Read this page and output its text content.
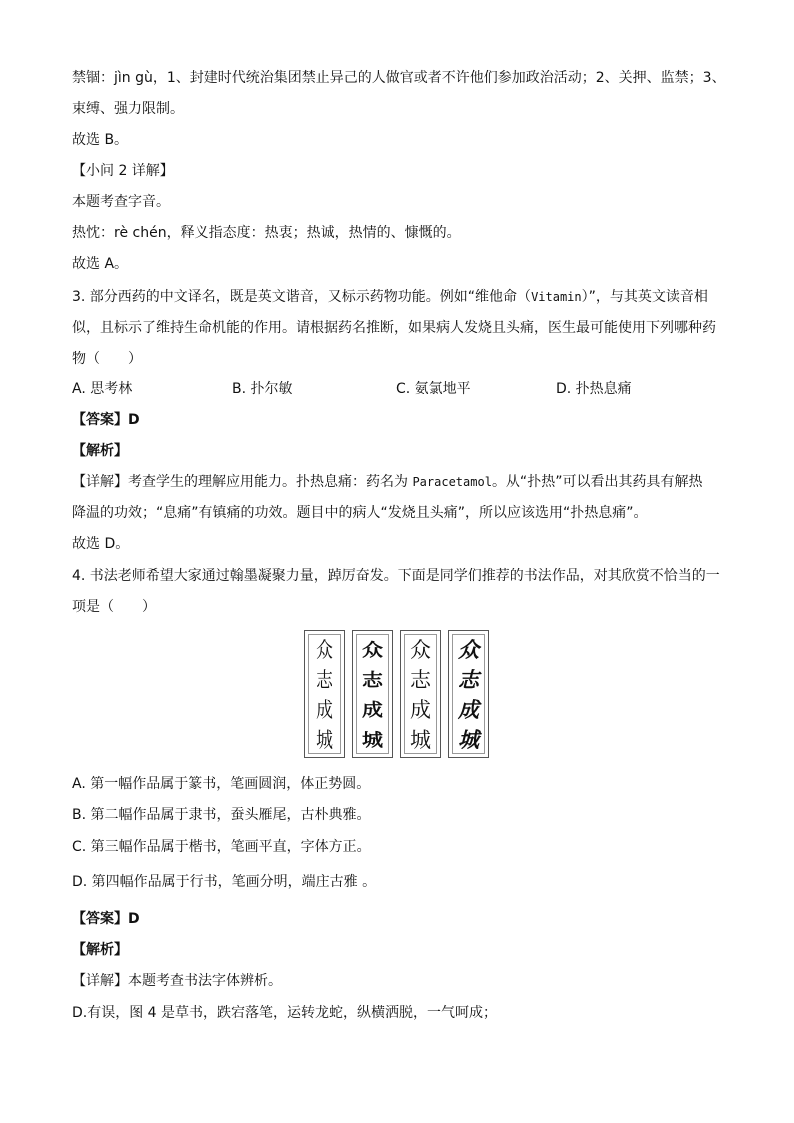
禁锢：jìn gù，1、封建时代统治集团禁止异己的人做官或者不许他们参加政治活动；2、关押、监禁；3、
束缚、强力限制。
故选 B。
【小问 2 详解】
本题考查字音。
热忱：rè chén，释义指态度：热衷；热诚，热情的、慷慨的。
故选 A。
3. 部分西药的中文译名，既是英文谐音，又标示药物功能。例如“维他命（Vitamin）”，与其英文读音相
似，且标示了维持生命机能的作用。请根据药名推断，如果病人发烧且头痛，医生最可能使用下列哪种药
物（　　）
A. 思考林	B. 扑尔敏	C. 氨氯地平	D. 扑热息痛
【答案】D
【解析】
【详解】考查学生的理解应用能力。扑热息痛：药名为 Paracetamol。从“扑热”可以看出其药具有解热
降温的功效；“息痛”有镇痛的功效。题目中的病人“发烧且头痛”，所以应该选用“扑热息痛”。
故选 D。
4. 书法老师希望大家通过翰墨凝聚力量，踔厉奋发。下面是同学们推荐的书法作品，对其欣赏不恰当的一
项是（　　）
众
志
成
城
众
志
成
城
众
志
成
城
众
志
成
城
A. 第一幅作品属于篆书，笔画圆润，体正势圆。
B. 第二幅作品属于隶书，蚕头雁尾，古朴典雅。
C. 第三幅作品属于楷书，笔画平直，字体方正。
D. 第四幅作品属于行书，笔画分明，端庄古雅 。
【答案】D
【解析】
【详解】本题考查书法字体辨析。
D.有误，图 4 是草书，跌宕落笔，运转龙蛇，纵横洒脱，一气呵成；
